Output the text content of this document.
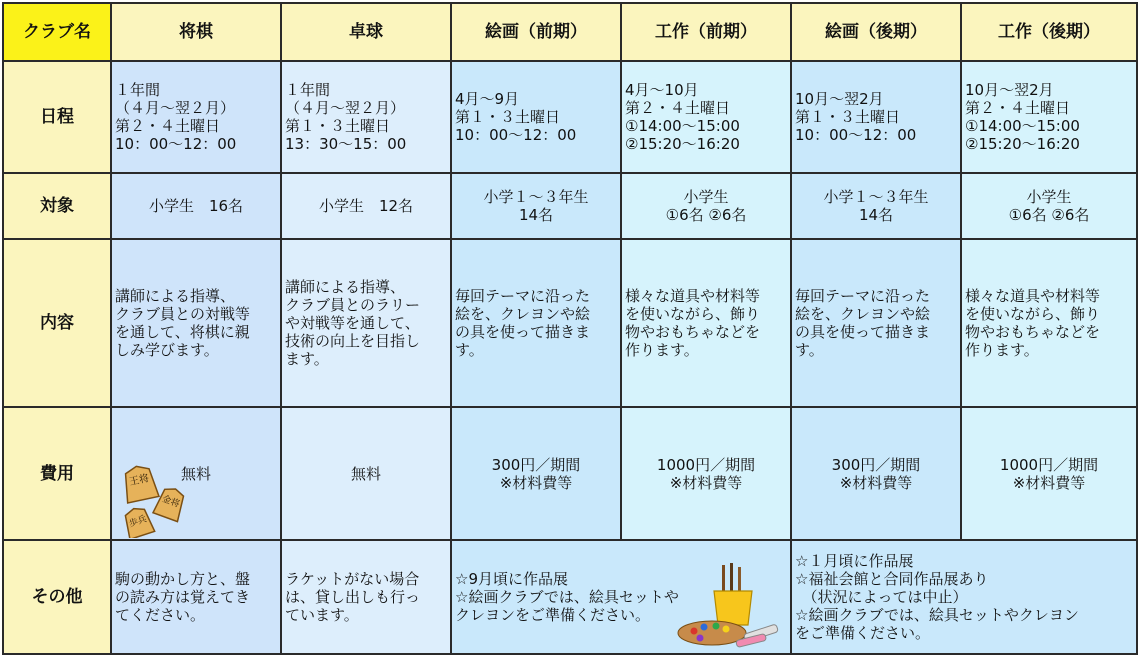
クラブ名	将棋	卓球	絵画（前期）	工作（前期）	絵画（後期）	工作（後期）
日程	１年間
（４月～翌２月）
第２・４土曜日
10：00～12：00	１年間
（４月～翌２月）
第１・３土曜日
13：30～15：00	4月～9月
第１・３土曜日
10：00～12：00	4月～10月
第２・４土曜日
①14:00～15:00
②15:20～16:20	10月～翌2月
第１・３土曜日
10：00～12：00	10月～翌2月
第２・４土曜日
①14:00～15:00
②15:20～16:20
対象	小学生　16名	小学生　12名	小学１～３年生
14名	小学生
①6名 ②6名	小学１～３年生
14名	小学生
①6名 ②6名
内容	講師による指導、
クラブ員との対戦等
を通して、将棋に親
しみ学びます。	講師による指導、
クラブ員とのラリー
や対戦等を通して、
技術の向上を目指し
ます。	毎回テーマに沿った
絵を、クレヨンや絵
の具を使って描きま
す。	様々な道具や材料等
を使いながら、飾り
物やおもちゃなどを
作ります。	毎回テーマに沿った
絵を、クレヨンや絵
の具を使って描きま
す。	様々な道具や材料等
を使いながら、飾り
物やおもちゃなどを
作ります。
費用	無料

王将
金将
歩兵	無料	300円／期間
※材料費等	1000円／期間
※材料費等	300円／期間
※材料費等	1000円／期間
※材料費等
その他	駒の動かし方と、盤
の読み方は覚えてき
てください。	ラケットがない場合
は、貸し出しも行っ
ています。	☆9月頃に作品展
☆絵画クラブでは、絵具セットや
クレヨンをご準備ください。		☆１月頃に作品展
☆福祉会館と合同作品展あり
　（状況によっては中止）
☆絵画クラブでは、絵具セットやクレヨン
をご準備ください。	
